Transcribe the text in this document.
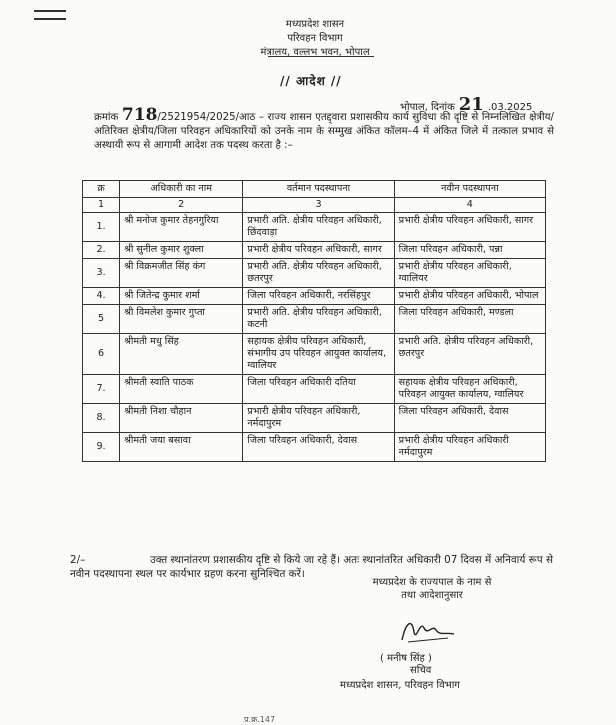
मध्यप्रदेश शासन
परिवहन विभाग
मंत्रालय, वल्लभ भवन, भोपाल
// आदेश //
भोपाल, दिनांक 21 .03.2025
क्रमांक 718/2521954/2025/आठ – राज्य शासन एतद्द्वारा प्रशासकीय कार्य सुविधा की दृष्टि से निम्नलिखित क्षेत्रीय/अतिरिक्त क्षेत्रीय/जिला परिवहन अधिकारियों को उनके नाम के सम्मुख अंकित कॉलम–4 में अंकित जिले में तत्काल प्रभाव से अस्थायी रूप से आगामी आदेश तक पदस्थ करता है :–
क्र	अधिकारी का नाम	वर्तमान पदस्थापना	नवीन पदस्थापना
1	2	3	4
1.	श्री मनोज कुमार तेहनगुरिया	प्रभारी अति. क्षेत्रीय परिवहन अधिकारी, छिंदवाड़ा	प्रभारी क्षेत्रीय परिवहन अधिकारी, सागर
2.	श्री सुनील कुमार शुक्ला	प्रभारी क्षेत्रीय परिवहन अधिकारी, सागर	जिला परिवहन अधिकारी, पन्ना
3.	श्री विक्रमजीत सिंह कंग	प्रभारी अति. क्षेत्रीय परिवहन अधिकारी, छतरपुर	प्रभारी क्षेत्रीय परिवहन अधिकारी, ग्वालियर
4.	श्री जितेन्द्र कुमार शर्मा	जिला परिवहन अधिकारी, नरसिंहपुर	प्रभारी क्षेत्रीय परिवहन अधिकारी, भोपाल
5	श्री विमलेश कुमार गुप्ता	प्रभारी अति. क्षेत्रीय परिवहन अधिकारी, कटनी	जिला परिवहन अधिकारी, मण्डला
6	श्रीमती मधु सिंह	सहायक क्षेत्रीय परिवहन अधिकारी, संभागीय उप परिवहन आयुक्त कार्यालय, ग्वालियर	प्रभारी अति. क्षेत्रीय परिवहन अधिकारी, छतरपुर
7.	श्रीमती स्वाति पाठक	जिला परिवहन अधिकारी दतिया	सहायक क्षेत्रीय परिवहन अधिकारी, परिवहन आयुक्त कार्यालय, ग्वालियर
8.	श्रीमती निशा चौहान	प्रभारी क्षेत्रीय परिवहन अधिकारी, नर्मदापुरम	जिला परिवहन अधिकारी, देवास
9.	श्रीमती जया बसावा	जिला परिवहन अधिकारी, देवास	प्रभारी क्षेत्रीय परिवहन अधिकारी नर्मदापुरम
2/–	उक्त स्थानांतरण प्रशासकीय दृष्टि से किये जा रहे हैं। अतः स्थानांतरित अधिकारी 07 दिवस में अनिवार्य रूप से नवीन पदस्थापना स्थल पर कार्यभार ग्रहण करना सुनिश्चित करें।

मध्यप्रदेश के राज्यपाल के नाम से
तथा आदेशानुसार
( मनीष सिंह )
सचिव
मध्यप्रदेश शासन, परिवहन विभाग
प्र.क्र.147
